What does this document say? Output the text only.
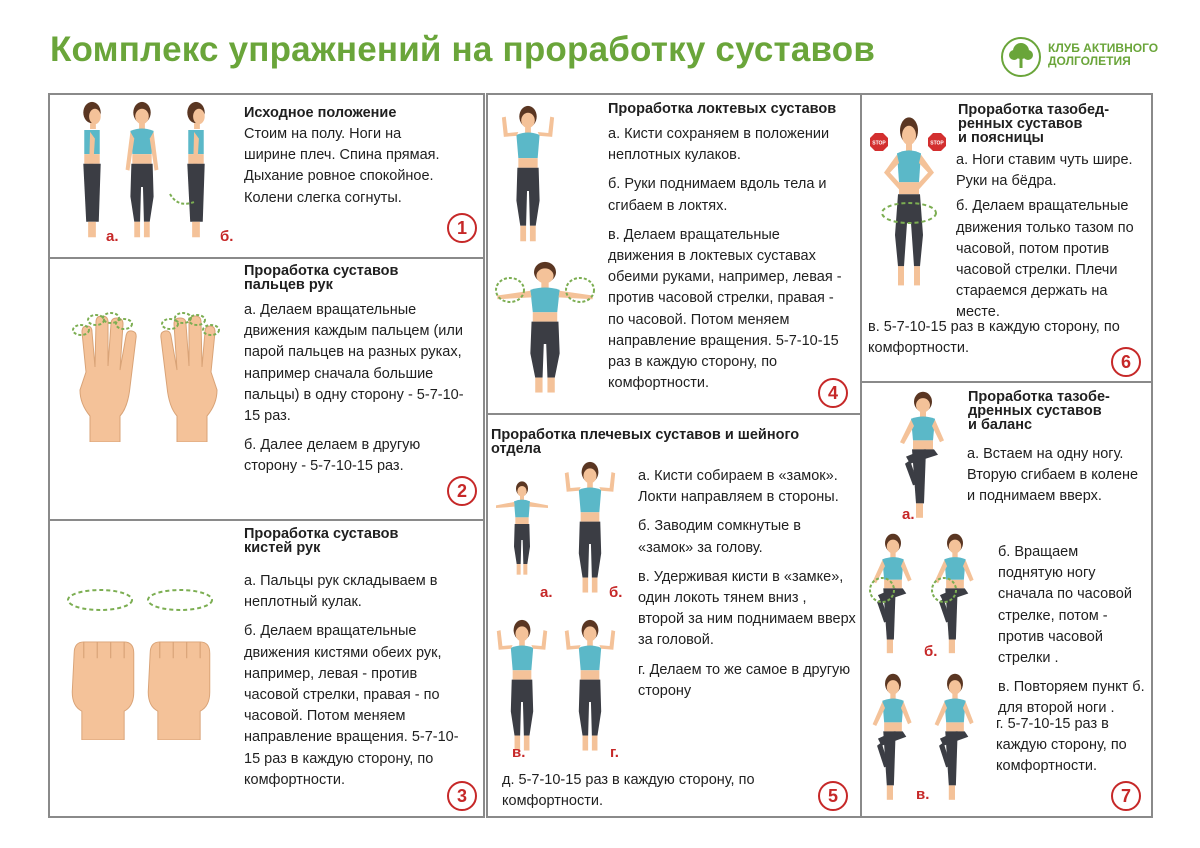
Комплекс упражнений на проработку суставов	КЛУБ АКТИВНОГО
ДОЛГОЛЕТИЯ
а.	б.
Исходное положение
Стоим на полу. Ноги на ширине плеч. Спина прямая. Дыхание ровное спокойное. Колени слегка согнуты.
1
Проработка суставов
пальцев рук
а. Делаем вращательные движения каждым пальцем (или парой пальцев на разных руках, например сначала большие пальцы) в одну сторону - 5-7-10-15 раз.
б. Далее делаем в другую сторону - 5-7-10-15 раз.
2
Проработка суставов
кистей рук
а. Пальцы рук складываем в неплотный кулак.
б. Делаем вращательные движения кистями обеих рук, например, левая - против часовой стрелки, правая - по часовой. Потом меняем направление вращения. 5-7-10-15 раз в каждую сторону, по комфортности.
3
Проработка локтевых суставов
а. Кисти сохраняем в положении неплотных кулаков.
б. Руки поднимаем вдоль тела и сгибаем в локтях.
в. Делаем вращательные движения в локтевых суставах обеими руками, например, левая - против часовой стрелки, правая - по часовой. Потом меняем направление вращения. 5-7-10-15 раз в каждую сторону, по комфортности.	4
а.	б.
в.	г.
Проработка плечевых суставов и шейного
отдела
а. Кисти собираем в «замок». Локти направляем в стороны.
б. Заводим сомкнутые в «замок» за голову.
в. Удерживая кисти в «замке», один локоть тянем вниз , второй за ним поднимаем вверх за головой.
г. Делаем то же самое в другую сторону
д. 5-7-10-15 раз в каждую сторону, по комфортности.	5
STOP	STOP
Проработка тазобед-
ренных суставов
и поясницы
а. Ноги ставим чуть шире. Руки на бёдра.
б. Делаем вращательные движения только тазом по часовой, потом против часовой стрелки. Плечи стараемся держать на месте.
в. 5-7-10-15 раз в каждую сторону, по комфортности.
6
а.
б.
в.
Проработка тазобе-
дренных суставов
и баланс
а. Встаем на одну ногу. Вторую сгибаем в колене и поднимаем вверх.
б. Вращаем поднятую ногу сначала по часовой стрелке, потом - против часовой стрелки .
в. Повторяем пункт б. для второй ноги .
г. 5-7-10-15 раз в каждую сторону, по комфортности.
7
